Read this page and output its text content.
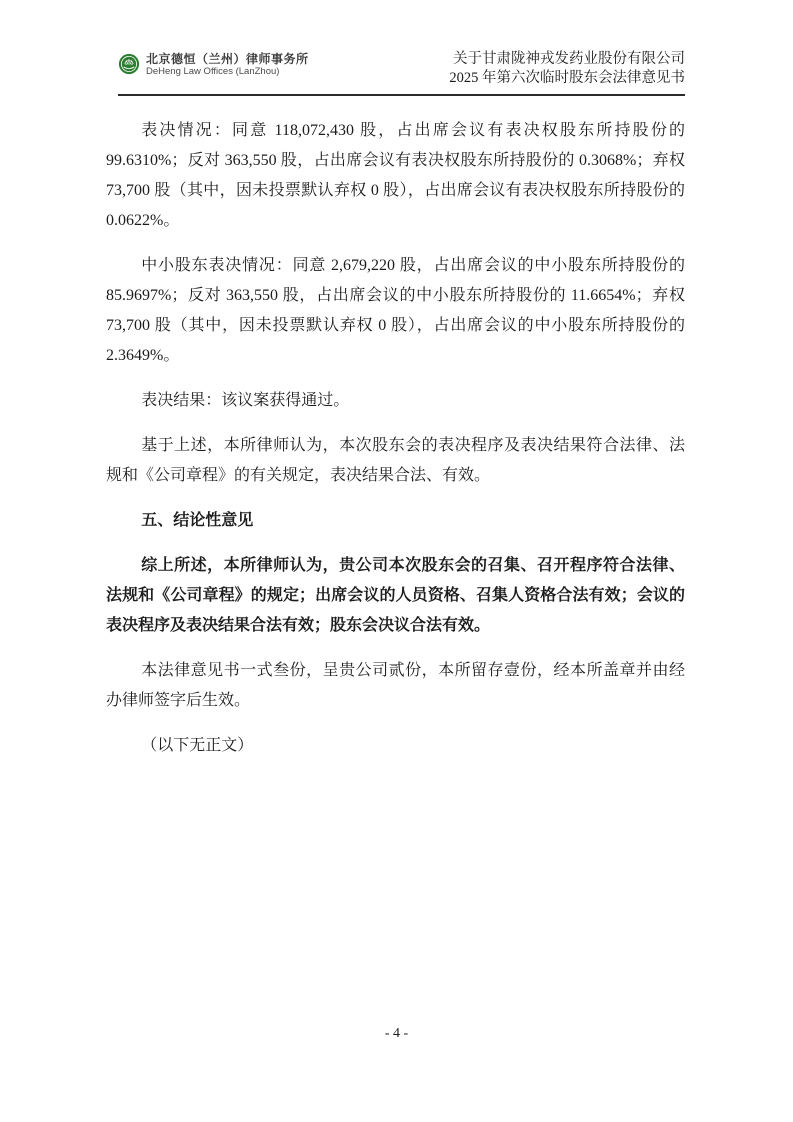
北京德恒（兰州）律师事务所
DeHeng Law Offices (LanZhou)
关于甘肃陇神戎发药业股份有限公司
2025 年第六次临时股东会法律意见书

表决情况：同意 118,072,430 股，占出席会议有表决权股东所持股份的 99.6310%；反对 363,550 股，占出席会议有表决权股东所持股份的 0.3068%；弃权 73,700 股（其中，因未投票默认弃权 0 股），占出席会议有表决权股东所持股份的 0.0622%。

中小股东表决情况：同意 2,679,220 股，占出席会议的中小股东所持股份的 85.9697%；反对 363,550 股，占出席会议的中小股东所持股份的 11.6654%；弃权 73,700 股（其中，因未投票默认弃权 0 股），占出席会议的中小股东所持股份的 2.3649%。

表决结果：该议案获得通过。

基于上述，本所律师认为，本次股东会的表决程序及表决结果符合法律、法规和《公司章程》的有关规定，表决结果合法、有效。

五、结论性意见

综上所述，本所律师认为，贵公司本次股东会的召集、召开程序符合法律、法规和《公司章程》的规定；出席会议的人员资格、召集人资格合法有效；会议的表决程序及表决结果合法有效；股东会决议合法有效。

本法律意见书一式叁份，呈贵公司贰份，本所留存壹份，经本所盖章并由经办律师签字后生效。

（以下无正文）

- 4 -
